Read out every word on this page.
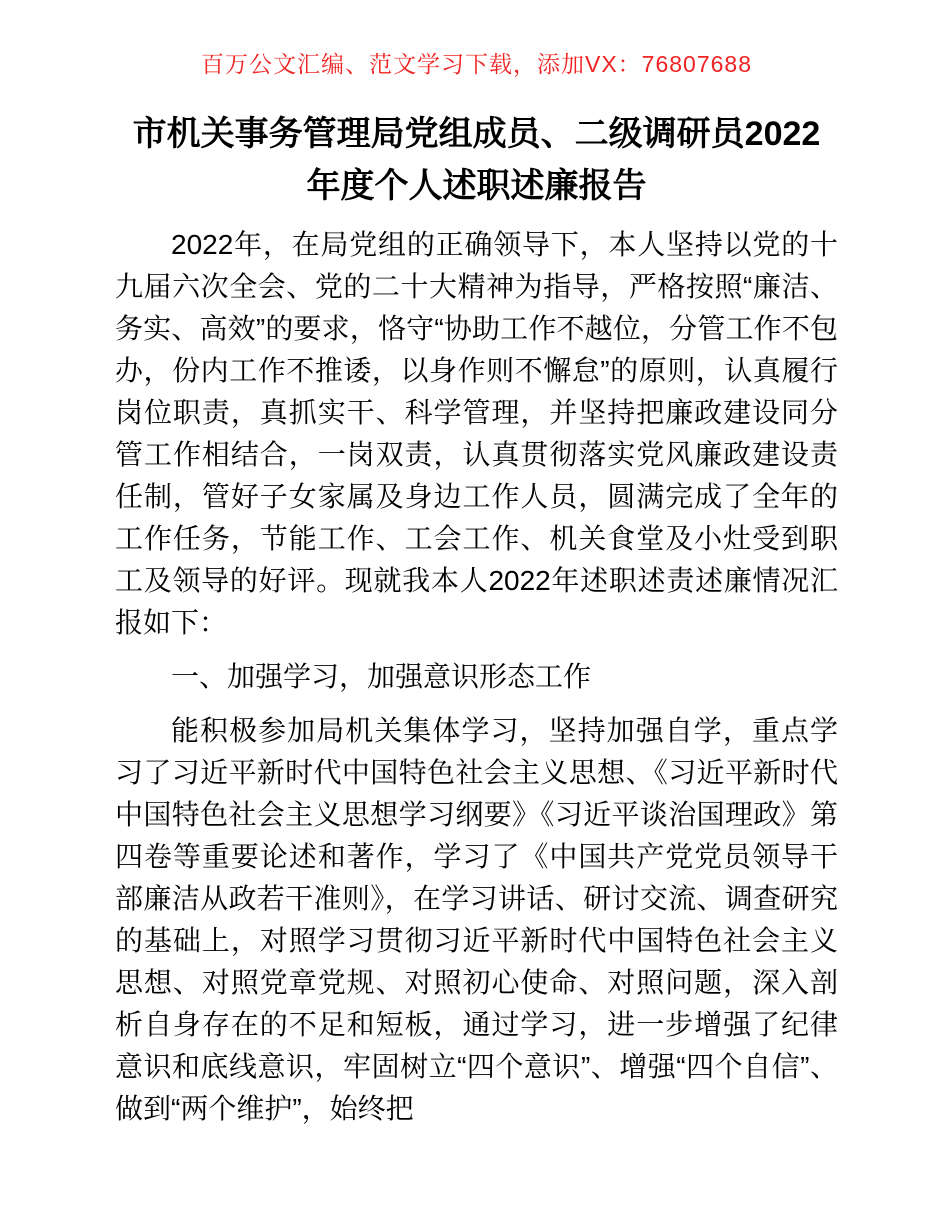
百万公文汇编、范文学习下载，添加VX：76807688
市机关事务管理局党组成员、二级调研员2022
年度个人述职述廉报告

2022年，在局党组的正确领导下，本人坚持以党的十九届六次全会、党的二十大精神为指导，严格按照“廉洁、务实、高效”的要求，恪守“协助工作不越位，分管工作不包办，份内工作不推诿，以身作则不懈怠”的原则，认真履行岗位职责，真抓实干、科学管理，并坚持把廉政建设同分管工作相结合，一岗双责，认真贯彻落实党风廉政建设责任制，管好子女家属及身边工作人员，圆满完成了全年的工作任务，节能工作、工会工作、机关食堂及小灶受到职工及领导的好评。现就我本人2022年述职述责述廉情况汇报如下：

一、加强学习，加强意识形态工作

能积极参加局机关集体学习，坚持加强自学，重点学习了习近平新时代中国特色社会主义思想、《习近平新时代中国特色社会主义思想学习纲要》《习近平谈治国理政》第四卷等重要论述和著作，学习了《中国共产党党员领导干部廉洁从政若干准则》，在学习讲话、研讨交流、调查研究的基础上，对照学习贯彻习近平新时代中国特色社会主义思想、对照党章党规、对照初心使命、对照问题，深入剖析自身存在的不足和短板，通过学习，进一步增强了纪律意识和底线意识，牢固树立“四个意识”、增强“四个自信”、做到“两个维护”，始终把
